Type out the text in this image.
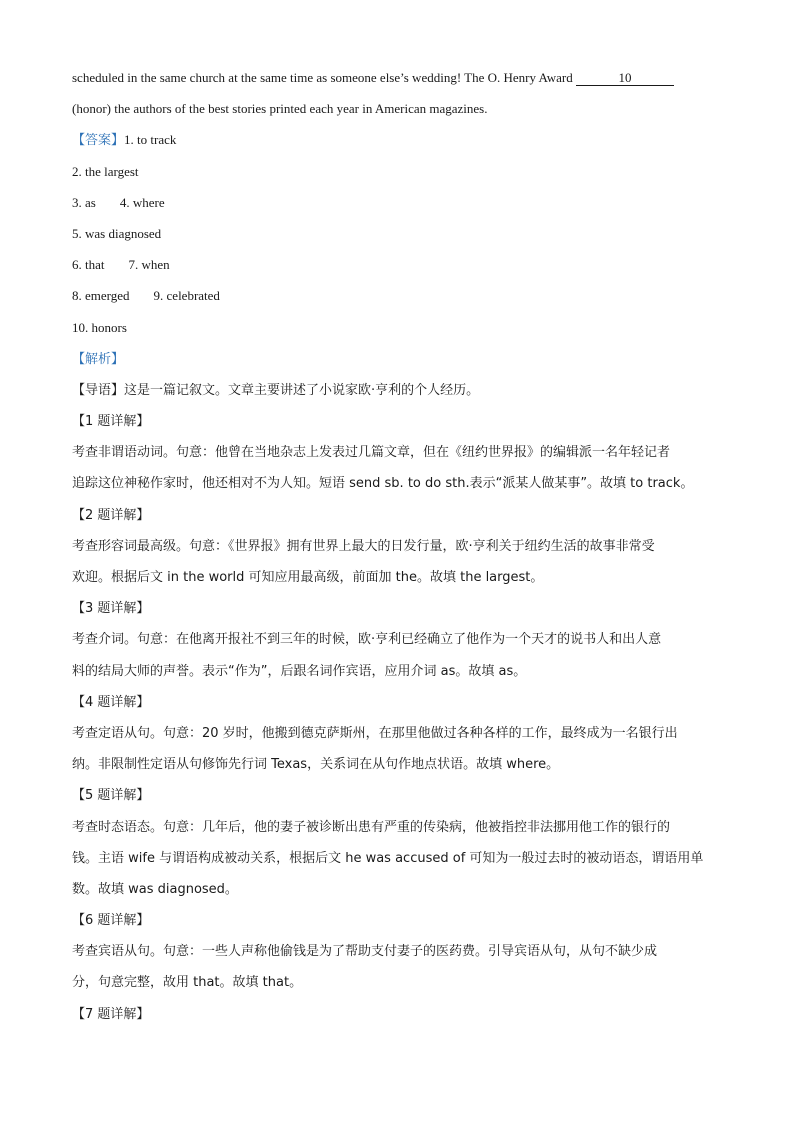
scheduled in the same church at the same time as someone else’s wedding! The O. Henry Award	10
(honor) the authors of the best stories printed each year in American magazines.
【答案】1. to track
2. the largest
3. as 4. where
5. was diagnosed
6. that 7. when
8. emerged 9. celebrated
10. honors
【解析】
【导语】这是一篇记叙文。文章主要讲述了小说家欧·亨利的个人经历。
【1 题详解】
考查非谓语动词。句意：他曾在当地杂志上发表过几篇文章，但在《纽约世界报》的编辑派一名年轻记者
追踪这位神秘作家时，他还相对不为人知。短语 send sb. to do sth.表示“派某人做某事”。故填 to track。
【2 题详解】
考查形容词最高级。句意：《世界报》拥有世界上最大的日发行量，欧·亨利关于纽约生活的故事非常受
欢迎。根据后文 in the world 可知应用最高级，前面加 the。故填 the largest。
【3 题详解】
考查介词。句意：在他离开报社不到三年的时候，欧·亨利已经确立了他作为一个天才的说书人和出人意
料的结局大师的声誉。表示“作为”，后跟名词作宾语，应用介词 as。故填 as。
【4 题详解】
考查定语从句。句意：20 岁时，他搬到德克萨斯州，在那里他做过各种各样的工作，最终成为一名银行出
纳。非限制性定语从句修饰先行词 Texas，关系词在从句作地点状语。故填 where。
【5 题详解】
考查时态语态。句意：几年后，他的妻子被诊断出患有严重的传染病，他被指控非法挪用他工作的银行的
钱。主语 wife 与谓语构成被动关系，根据后文 he was accused of 可知为一般过去时的被动语态，谓语用单
数。故填 was diagnosed。
【6 题详解】
考查宾语从句。句意：一些人声称他偷钱是为了帮助支付妻子的医药费。引导宾语从句，从句不缺少成
分，句意完整，故用 that。故填 that。
【7 题详解】
